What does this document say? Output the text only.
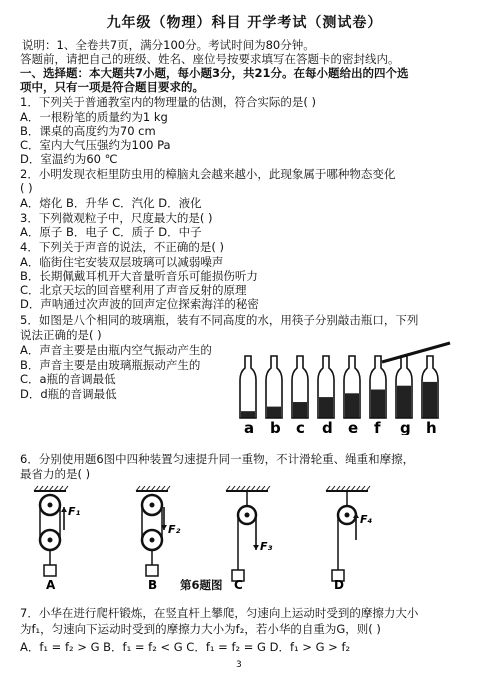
九年级（物理）科目 开学考试（测试卷）
说明：1、全卷共7页，满分100分。考试时间为80分钟。
答题前，请把自己的班级、姓名、座位号按要求填写在答题卡的密封线内。
一、选择题：本大题共7小题，每小题3分，共21分。在每小题给出的四个选
项中，只有一项是符合题目要求的。
1．下列关于普通教室内的物理量的估测，符合实际的是( )
A．一根粉笔的质量约为1 kg
B．课桌的高度约为70 cm
C．室内大气压强约为100 Pa
D．室温约为60 ℃
2．小明发现衣柜里防虫用的樟脑丸会越来越小，此现象属于哪种物态变化
( )
A．熔化 B．升华 C．汽化 D．液化
3．下列微观粒子中，尺度最大的是( )
A．原子 B．电子 C．质子 D．中子
4．下列关于声音的说法，不正确的是( )
A．临街住宅安装双层玻璃可以减弱噪声
B．长期佩戴耳机开大音量听音乐可能损伤听力
C．北京天坛的回音壁利用了声音反射的原理
D．声呐通过次声波的回声定位探索海洋的秘密
5．如图是八个相同的玻璃瓶，装有不同高度的水，用筷子分别敲击瓶口，下列
说法正确的是( )
A．声音主要是由瓶内空气振动产生的
B．声音主要是由玻璃瓶振动产生的
C．a瓶的音调最低
D．d瓶的音调最低
6．分别使用题6图中四种装置匀速提升同一重物，不计滑轮重、绳重和摩擦，
最省力的是( )
7．小华在进行爬杆锻炼，在竖直杆上攀爬，匀速向上运动时受到的摩擦力大小
为f₁，匀速向下运动时受到的摩擦力大小为f₂，若小华的自重为G，则( )
A．f₁ = f₂ > G B．f₁ = f₂ < G C．f₁ = f₂ = G D．f₁ > G > f₂
a b c d e f g h
F₁
A
F₂
B
F₃
C
F₄
D
第6题图
3
